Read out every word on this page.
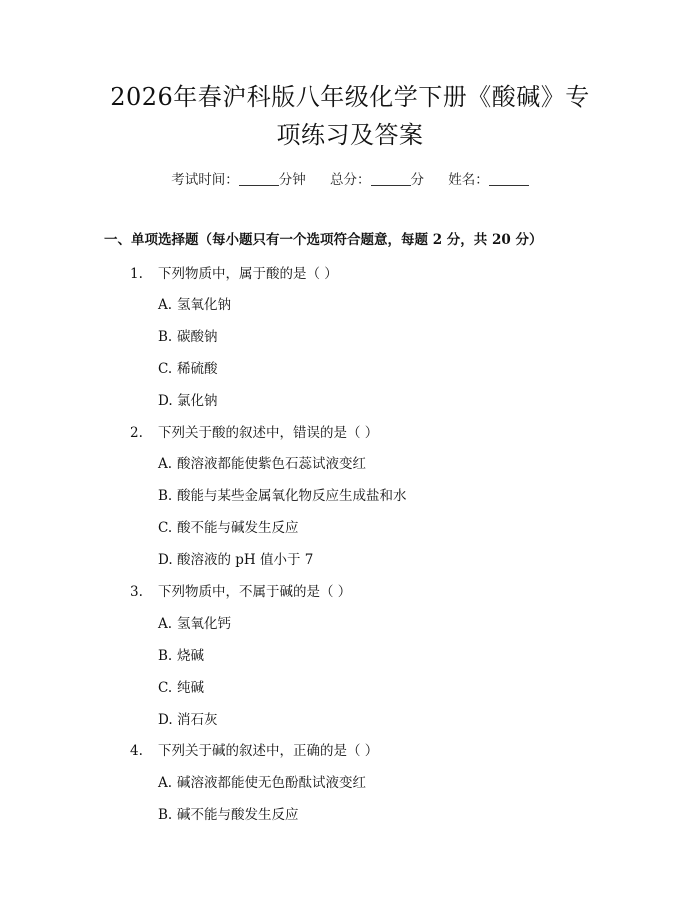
2026年春沪科版八年级化学下册《酸碱》专
项练习及答案
考试时间：	分钟 总分：	分 姓名：
一、单项选择题（每小题只有一个选项符合题意，每题 2 分，共 20 分）
1. 下列物质中，属于酸的是（ ）
A. 氢氧化钠
B. 碳酸钠
C. 稀硫酸
D. 氯化钠
2. 下列关于酸的叙述中，错误的是（ ）
A. 酸溶液都能使紫色石蕊试液变红
B. 酸能与某些金属氧化物反应生成盐和水
C. 酸不能与碱发生反应
D. 酸溶液的 pH 值小于 7
3. 下列物质中，不属于碱的是（ ）
A. 氢氧化钙
B. 烧碱
C. 纯碱
D. 消石灰
4. 下列关于碱的叙述中，正确的是（ ）
A. 碱溶液都能使无色酚酞试液变红
B. 碱不能与酸发生反应
